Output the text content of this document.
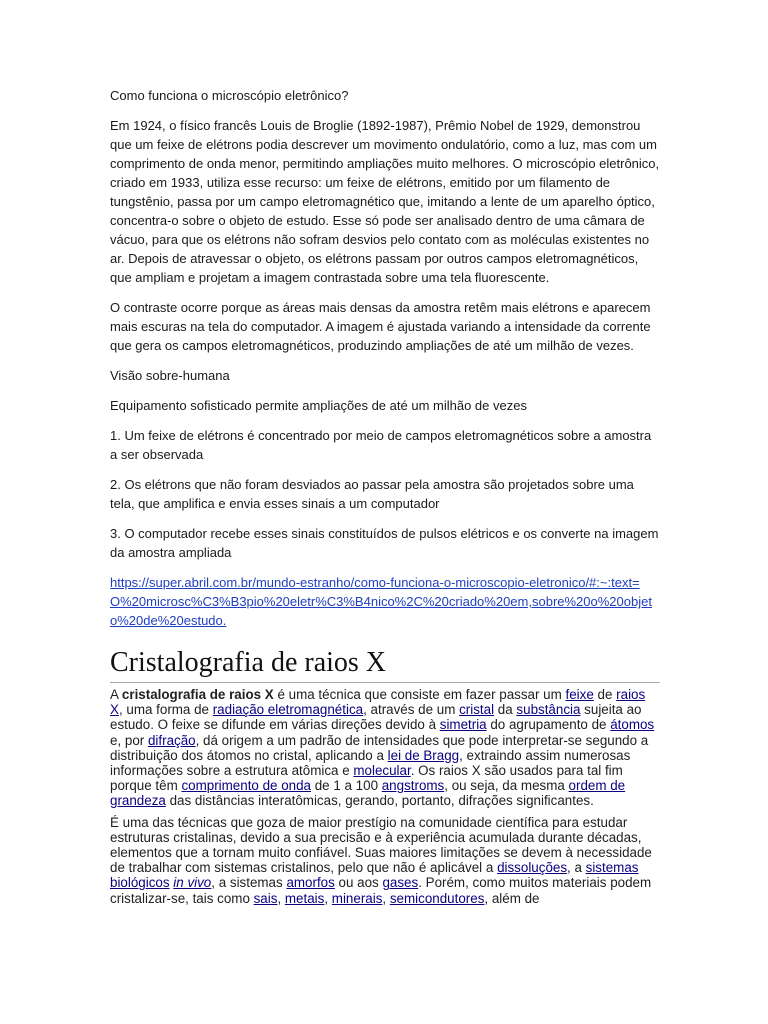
Como funciona o microscópio eletrônico?

Em 1924, o físico francês Louis de Broglie (1892-1987), Prêmio Nobel de 1929, demonstrou que um feixe de elétrons podia descrever um movimento ondulatório, como a luz, mas com um comprimento de onda menor, permitindo ampliações muito melhores. O microscópio eletrônico, criado em 1933, utiliza esse recurso: um feixe de elétrons, emitido por um filamento de tungstênio, passa por um campo eletromagnético que, imitando a lente de um aparelho óptico, concentra-o sobre o objeto de estudo. Esse só pode ser analisado dentro de uma câmara de vácuo, para que os elétrons não sofram desvios pelo contato com as moléculas existentes no ar. Depois de atravessar o objeto, os elétrons passam por outros campos eletromagnéticos, que ampliam e projetam a imagem contrastada sobre uma tela fluorescente.

O contraste ocorre porque as áreas mais densas da amostra retêm mais elétrons e aparecem mais escuras na tela do computador. A imagem é ajustada variando a intensidade da corrente que gera os campos eletromagnéticos, produzindo ampliações de até um milhão de vezes.

Visão sobre-humana

Equipamento sofisticado permite ampliações de até um milhão de vezes

1. Um feixe de elétrons é concentrado por meio de campos eletromagnéticos sobre a amostra a ser observada

2. Os elétrons que não foram desviados ao passar pela amostra são projetados sobre uma tela, que amplifica e envia esses sinais a um computador

3. O computador recebe esses sinais constituídos de pulsos elétricos e os converte na imagem da amostra ampliada

https://super.abril.com.br/mundo-estranho/como-funciona-o-microscopio-eletronico/#:~:text=O%20microsc%C3%B3pio%20eletr%C3%B4nico%2C%20criado%20em,sobre%20o%20objeto%20de%20estudo.

Cristalografia de raios X

A cristalografia de raios X é uma técnica que consiste em fazer passar um feixe de raios X, uma forma de radiação eletromagnética, através de um cristal da substância sujeita ao estudo. O feixe se difunde em várias direções devido à simetria do agrupamento de átomos e, por difração, dá origem a um padrão de intensidades que pode interpretar-se segundo a distribuição dos átomos no cristal, aplicando a lei de Bragg, extraindo assim numerosas informações sobre a estrutura atômica e molecular. Os raios X são usados para tal fim porque têm comprimento de onda de 1 a 100 angstroms, ou seja, da mesma ordem de grandeza das distâncias interatômicas, gerando, portanto, difrações significantes.

É uma das técnicas que goza de maior prestígio na comunidade científica para estudar estruturas cristalinas, devido a sua precisão e à experiência acumulada durante décadas, elementos que a tornam muito confiável. Suas maiores limitações se devem à necessidade de trabalhar com sistemas cristalinos, pelo que não é aplicável a dissoluções, a sistemas biológicos in vivo, a sistemas amorfos ou aos gases. Porém, como muitos materiais podem cristalizar-se, tais como sais, metais, minerais, semicondutores, além de
